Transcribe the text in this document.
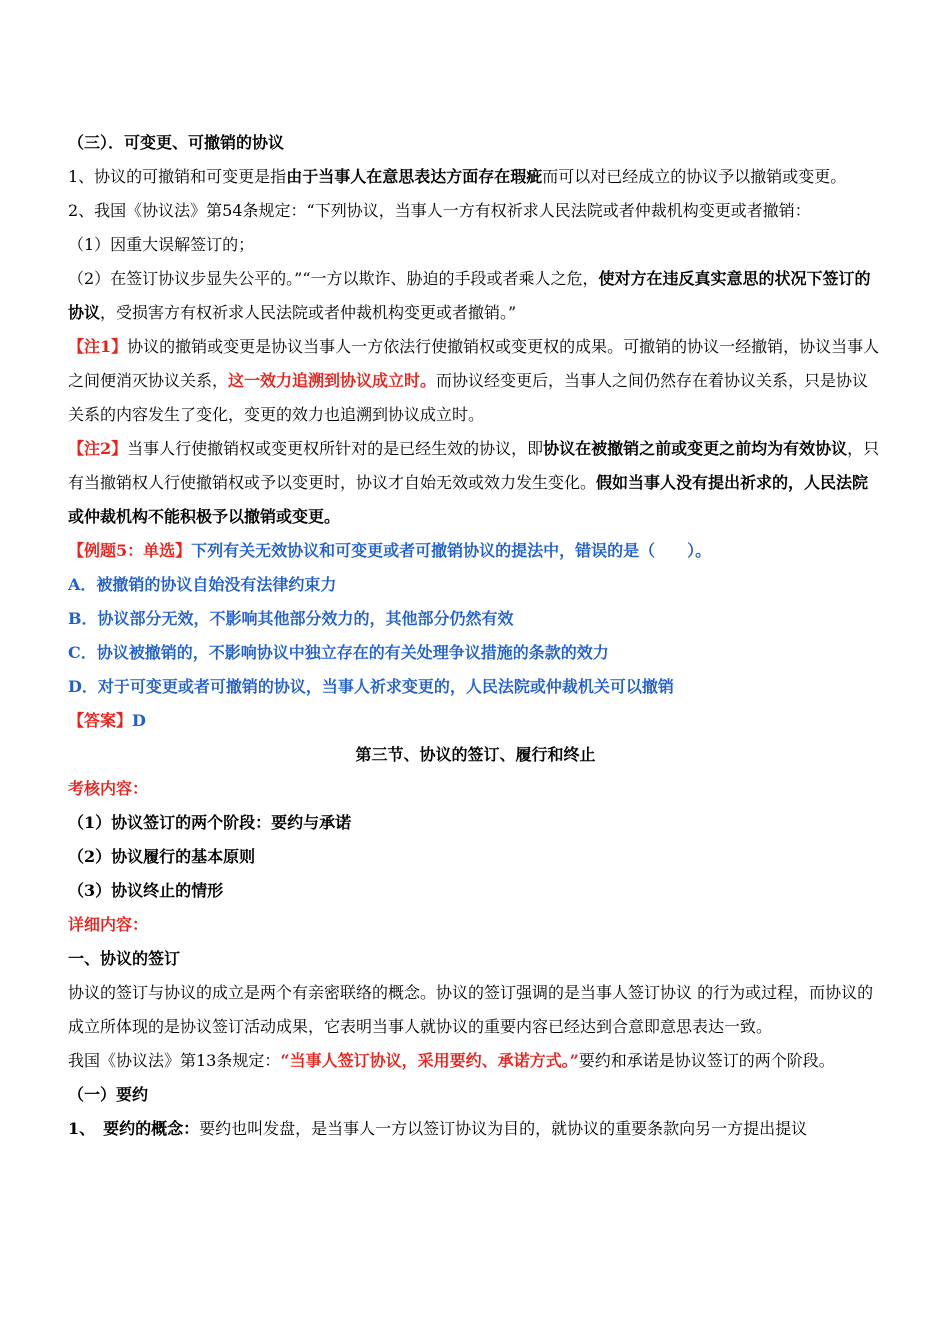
（三）．可变更、可撤销的协议
1、协议的可撤销和可变更是指由于当事人在意思表达方面存在瑕疵而可以对已经成立的协议予以撤销或变更。
2、我国《协议法》第54条规定：“下列协议，当事人一方有权祈求人民法院或者仲裁机构变更或者撤销：
（1）因重大误解签订的；
（2）在签订协议步显失公平的。”“一方以欺诈、胁迫的手段或者乘人之危，使对方在违反真实意思的状况下签订的协议，受损害方有权祈求人民法院或者仲裁机构变更或者撤销。”
【注1】协议的撤销或变更是协议当事人一方依法行使撤销权或变更权的成果。可撤销的协议一经撤销，协议当事人之间便消灭协议关系，这一效力追溯到协议成立时。而协议经变更后，当事人之间仍然存在着协议关系，只是协议关系的内容发生了变化，变更的效力也追溯到协议成立时。
【注2】当事人行使撤销权或变更权所针对的是已经生效的协议，即协议在被撤销之前或变更之前均为有效协议，只有当撤销权人行使撤销权或予以变更时，协议才自始无效或效力发生变化。假如当事人没有提出祈求的，人民法院或仲裁机构不能积极予以撤销或变更。
【例题5：单选】下列有关无效协议和可变更或者可撤销协议的提法中，错误的是（　　）。
A．被撤销的协议自始没有法律约束力
B．协议部分无效，不影响其他部分效力的，其他部分仍然有效
C．协议被撤销的，不影响协议中独立存在的有关处理争议措施的条款的效力
D．对于可变更或者可撤销的协议，当事人祈求变更的，人民法院或仲裁机关可以撤销
【答案】D
第三节、协议的签订、履行和终止
考核内容：
（1）协议签订的两个阶段：要约与承诺
（2）协议履行的基本原则
（3）协议终止的情形
详细内容：
一、协议的签订
协议的签订与协议的成立是两个有亲密联络的概念。协议的签订强调的是当事人签订协议 的行为或过程，而协议的成立所体现的是协议签订活动成果，它表明当事人就协议的重要内容已经达到合意即意思表达一致。
我国《协议法》第13条规定：“当事人签订协议，采用要约、承诺方式。”要约和承诺是协议签订的两个阶段。
（一）要约
1、　要约的概念：要约也叫发盘，是当事人一方以签订协议为目的，就协议的重要条款向另一方提出提议
